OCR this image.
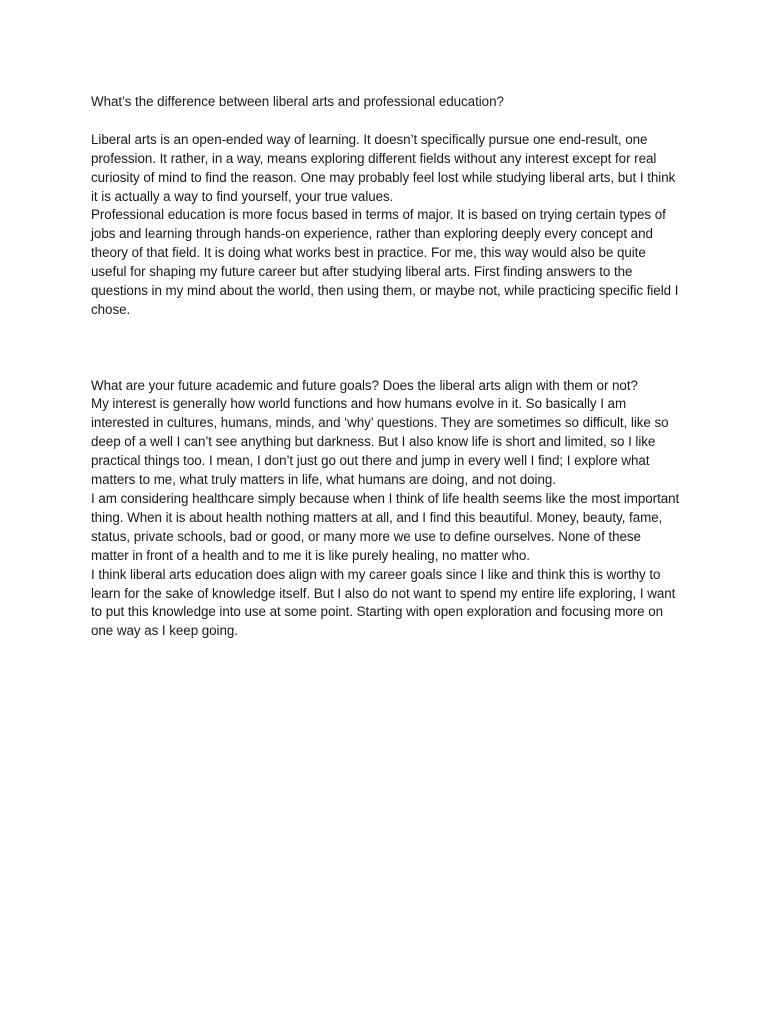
What’s the difference between liberal arts and professional education?

Liberal arts is an open-ended way of learning. It doesn’t specifically pursue one end-result, one profession. It rather, in a way, means exploring different fields without any interest except for real curiosity of mind to find the reason. One may probably feel lost while studying liberal arts, but I think it is actually a way to find yourself, your true values.

Professional education is more focus based in terms of major. It is based on trying certain types of jobs and learning through hands-on experience, rather than exploring deeply every concept and theory of that field. It is doing what works best in practice. For me, this way would also be quite useful for shaping my future career but after studying liberal arts. First finding answers to the questions in my mind about the world, then using them, or maybe not, while practicing specific field I chose.

What are your future academic and future goals? Does the liberal arts align with them or not?

My interest is generally how world functions and how humans evolve in it. So basically I am interested in cultures, humans, minds, and ‘why’ questions. They are sometimes so difficult, like so deep of a well I can’t see anything but darkness. But I also know life is short and limited, so I like practical things too. I mean, I don’t just go out there and jump in every well I find; I explore what matters to me, what truly matters in life, what humans are doing, and not doing.

I am considering healthcare simply because when I think of life health seems like the most important thing. When it is about health nothing matters at all, and I find this beautiful. Money, beauty, fame, status, private schools, bad or good, or many more we use to define ourselves. None of these matter in front of a health and to me it is like purely healing, no matter who.

I think liberal arts education does align with my career goals since I like and think this is worthy to learn for the sake of knowledge itself. But I also do not want to spend my entire life exploring, I want to put this knowledge into use at some point. Starting with open exploration and focusing more on one way as I keep going.
